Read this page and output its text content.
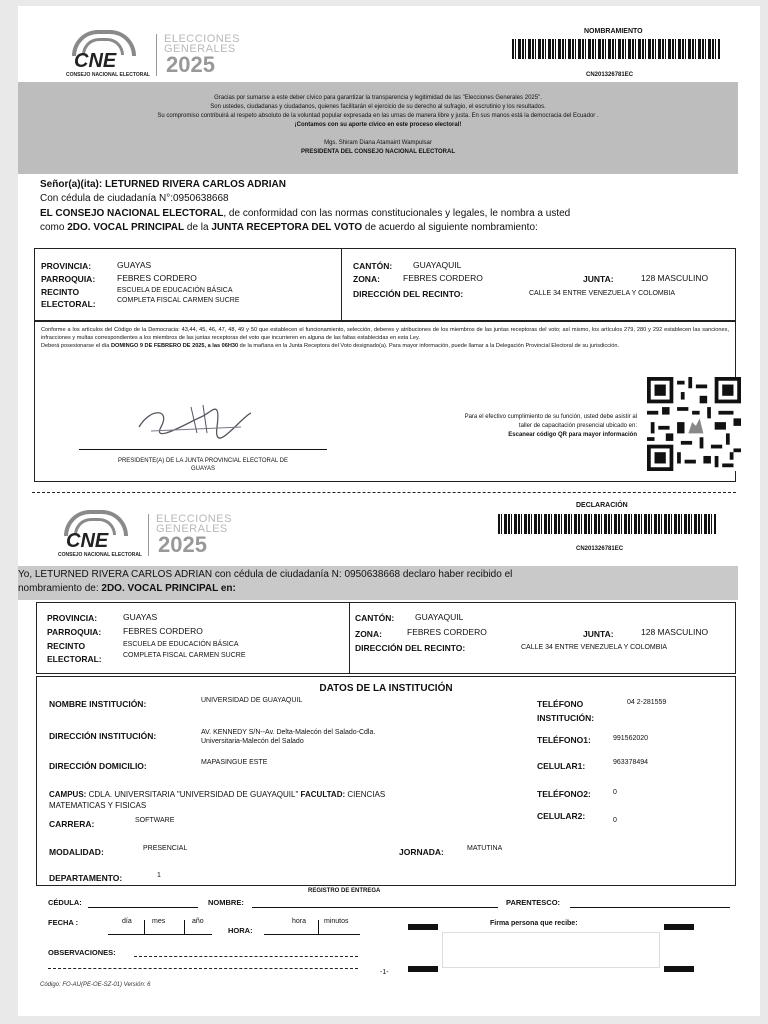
CNE
CONSEJO NACIONAL ELECTORAL
ELECCIONES
GENERALES
2025
NOMBRAMIENTO
CN201326781EC
Gracias por sumarse a este deber cívico para garantizar la transparencia y legitimidad de las "Elecciones Generales 2025".
Son ustedes, ciudadanas y ciudadanos, quienes facilitarán el ejercicio de su derecho al sufragio, el escrutinio y los resultados.
Su compromiso contribuirá al respeto absoluto de la voluntad popular expresada en las urnas de manera libre y justa. En sus manos está la democracia del Ecuador .
¡Contamos con su aporte cívico en este proceso electoral!
Mgs. Shiram Diana Atamaint Wampulsar
PRESIDENTA DEL CONSEJO NACIONAL ELECTORAL
Señor(a)(ita): LETURNED RIVERA CARLOS ADRIAN
Con cédula de ciudadanía N°:0950638668
EL CONSEJO NACIONAL ELECTORAL, de conformidad con las normas constitucionales y legales, le nombra a usted
como 2DO. VOCAL PRINCIPAL de la JUNTA RECEPTORA DEL VOTO de acuerdo al siguiente nombramiento:
PROVINCIA:	GUAYAS
PARROQUIA:	FEBRES CORDERO
RECINTO
ELECTORAL:
ESCUELA DE EDUCACIÓN BÁSICA
COMPLETA FISCAL CARMEN SUCRE
CANTÓN: GUAYAQUIL
ZONA:	FEBRES CORDERO	JUNTA:	128 MASCULINO
DIRECCIÓN DEL RECINTO:	CALLE 34 ENTRE VENEZUELA Y COLOMBIA
Conforme a los artículos del Código de la Democracia: 43,44, 45, 46, 47, 48, 49 y 50 que establecen el funcionamiento, selección, deberes y atribuciones de los miembros de las juntas receptoras del voto; así mismo, los artículos 279, 280 y 292 establecen las sanciones, infracciones y multas correspondientes a los miembros de las juntas receptoras del voto que incurrieren en alguna de las faltas establecidas en esta Ley.
Deberá posesionarse el día DOMINGO 9 DE FEBRERO DE 2025, a las 06H30 de la mañana en la Junta Receptora del Voto designado(a). Para mayor información, puede llamar a la Delegación Provincial Electoral de su jurisdicción.
PRESIDENTE(A) DE LA JUNTA PROVINCIAL ELECTORAL DE
GUAYAS
Para el efectivo cumplimiento de su función, usted debe asistir al
taller de capacitación presencial ubicado en:
Escanear código QR para mayor información
CNE
CONSEJO NACIONAL ELECTORAL
ELECCIONES
GENERALES
2025
DECLARACIÓN
CN201326781EC
Yo, LETURNED RIVERA CARLOS ADRIAN con cédula de ciudadanía N: 0950638668 declaro haber recibido el
nombramiento de: 2DO. VOCAL PRINCIPAL en:
PROVINCIA:	GUAYAS
PARROQUIA:	FEBRES CORDERO
RECINTO
ELECTORAL:
ESCUELA DE EDUCACIÓN BÁSICA
COMPLETA FISCAL CARMEN SUCRE
CANTÓN: GUAYAQUIL
ZONA:	FEBRES CORDERO	JUNTA:	128 MASCULINO
DIRECCIÓN DEL RECINTO:	CALLE 34 ENTRE VENEZUELA Y COLOMBIA
DATOS DE LA INSTITUCIÓN
NOMBRE INSTITUCIÓN:	UNIVERSIDAD DE GUAYAQUIL	TELÉFONO
INSTITUCIÓN:
04 2-281559
DIRECCIÓN INSTITUCIÓN:	AV. KENNEDY S/N--Av. Delta-Malecón del Salado-Cdla.
Universitaria-Malecón del Salado	TELÉFONO1:	991562020
DIRECCIÓN DOMICILIO:	MAPASINGUE ESTE	CELULAR1:	963378494
CAMPUS: CDLA. UNIVERSITARIA "UNIVERSIDAD DE GUAYAQUIL" FACULTAD: CIENCIAS
MATEMATICAS Y FISICAS
TELÉFONO2:	0
CARRERA:	SOFTWARE	CELULAR2:	0
MODALIDAD:	PRESENCIAL	JORNADA:	MATUTINA
DEPARTAMENTO:	1
REGISTRO DE ENTREGA
CÉDULA:	NOMBRE:	PARENTESCO:
FECHA :	día	mes	año
HORA:
hora	minutos	Firma persona que recibe:
OBSERVACIONES:
-1-
Código: FO-AU(PE-OE-SZ-01) Versión: 6
